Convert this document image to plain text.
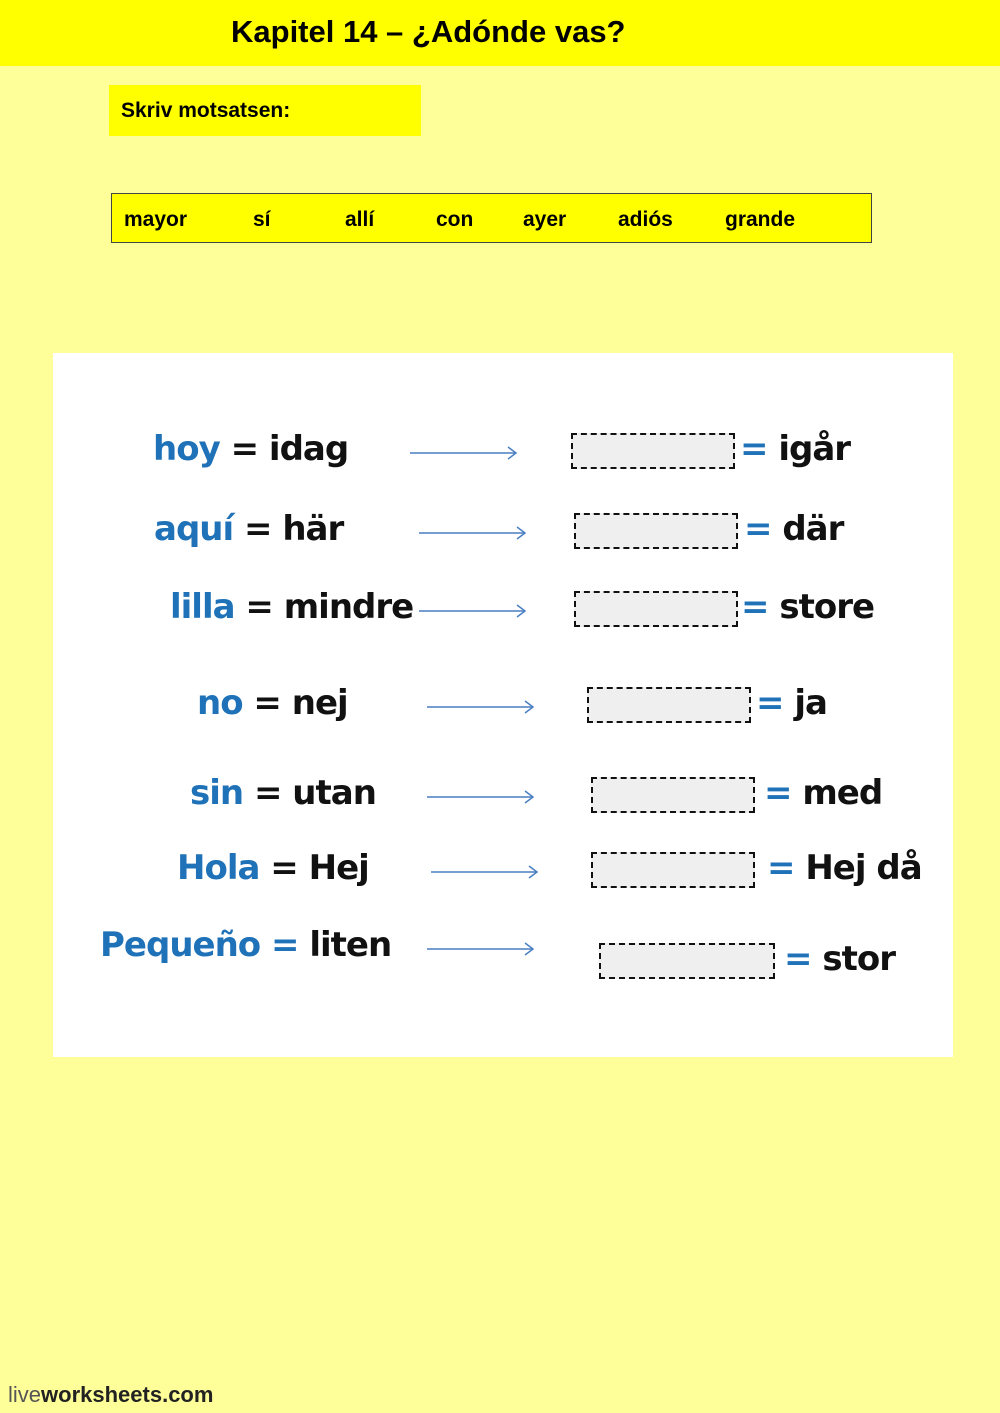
Kapitel 14 – ¿Adónde vas?
Skriv motsatsen:
mayor	sí	allí	con ayer adiós grande
hoy = idag	= igår
aquí = här	= där
lilla = mindre	= store
no = nej	= ja
sin = utan	= med
Hola = Hej	= Hej då
Pequeño = liten	= stor
liveworksheets.com
